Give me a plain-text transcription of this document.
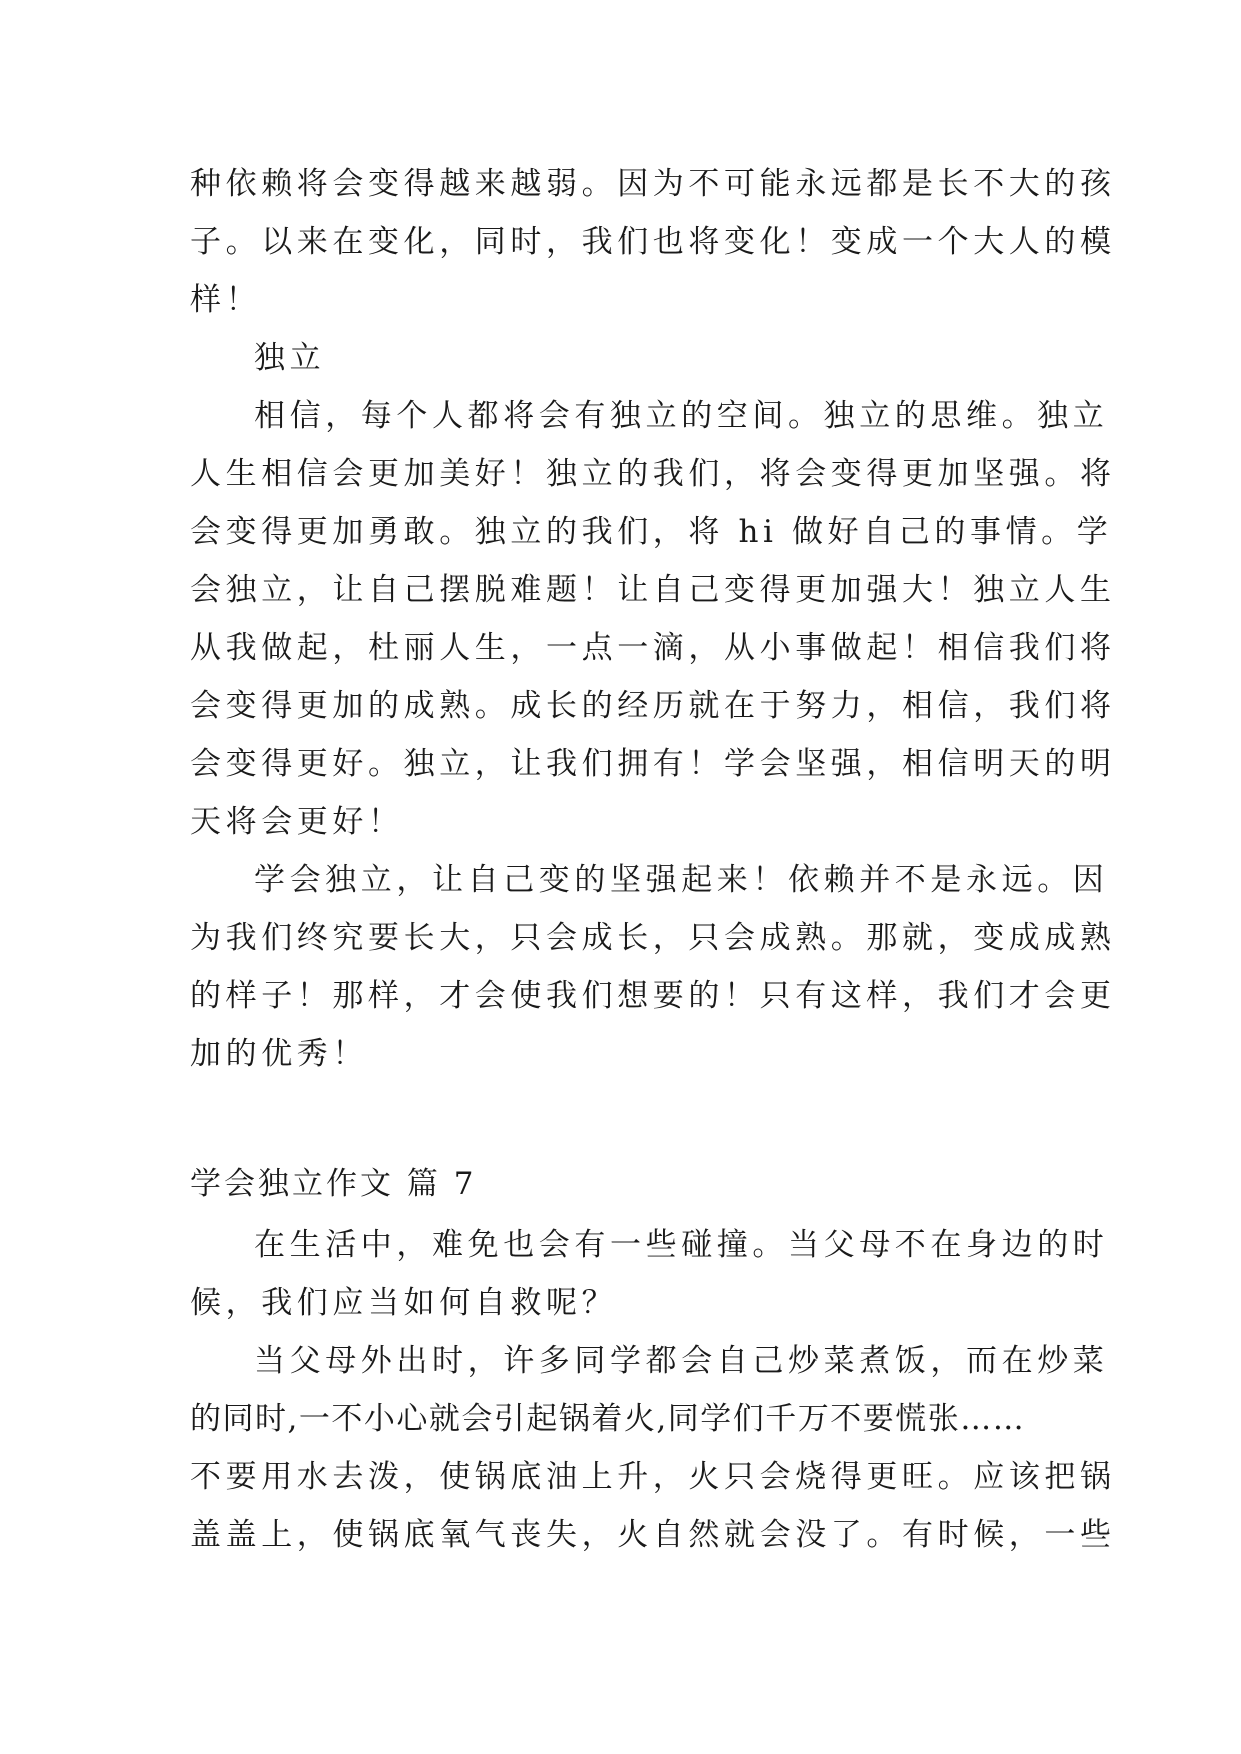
种依赖将会变得越来越弱。因为不可能永远都是长不大的孩
子。以来在变化，同时，我们也将变化！变成一个大人的模
样！
独立
相信，每个人都将会有独立的空间。独立的思维。独立
人生相信会更加美好！独立的我们，将会变得更加坚强。将
会变得更加勇敢。独立的我们，将 hi 做好自己的事情。学
会独立，让自己摆脱难题！让自己变得更加强大！独立人生
从我做起，杜丽人生，一点一滴，从小事做起！相信我们将
会变得更加的成熟。成长的经历就在于努力，相信，我们将
会变得更好。独立，让我们拥有！学会坚强，相信明天的明
天将会更好！
学会独立，让自己变的坚强起来！依赖并不是永远。因
为我们终究要长大，只会成长，只会成熟。那就，变成成熟
的样子！那样，才会使我们想要的！只有这样，我们才会更
加的优秀！
学会独立作文 篇 7
在生活中，难免也会有一些碰撞。当父母不在身边的时
候，我们应当如何自救呢？
当父母外出时，许多同学都会自己炒菜煮饭，而在炒菜
的同时,一不小心就会引起锅着火,同学们千万不要慌张……
不要用水去泼，使锅底油上升，火只会烧得更旺。应该把锅
盖盖上，使锅底氧气丧失，火自然就会没了。有时候，一些
